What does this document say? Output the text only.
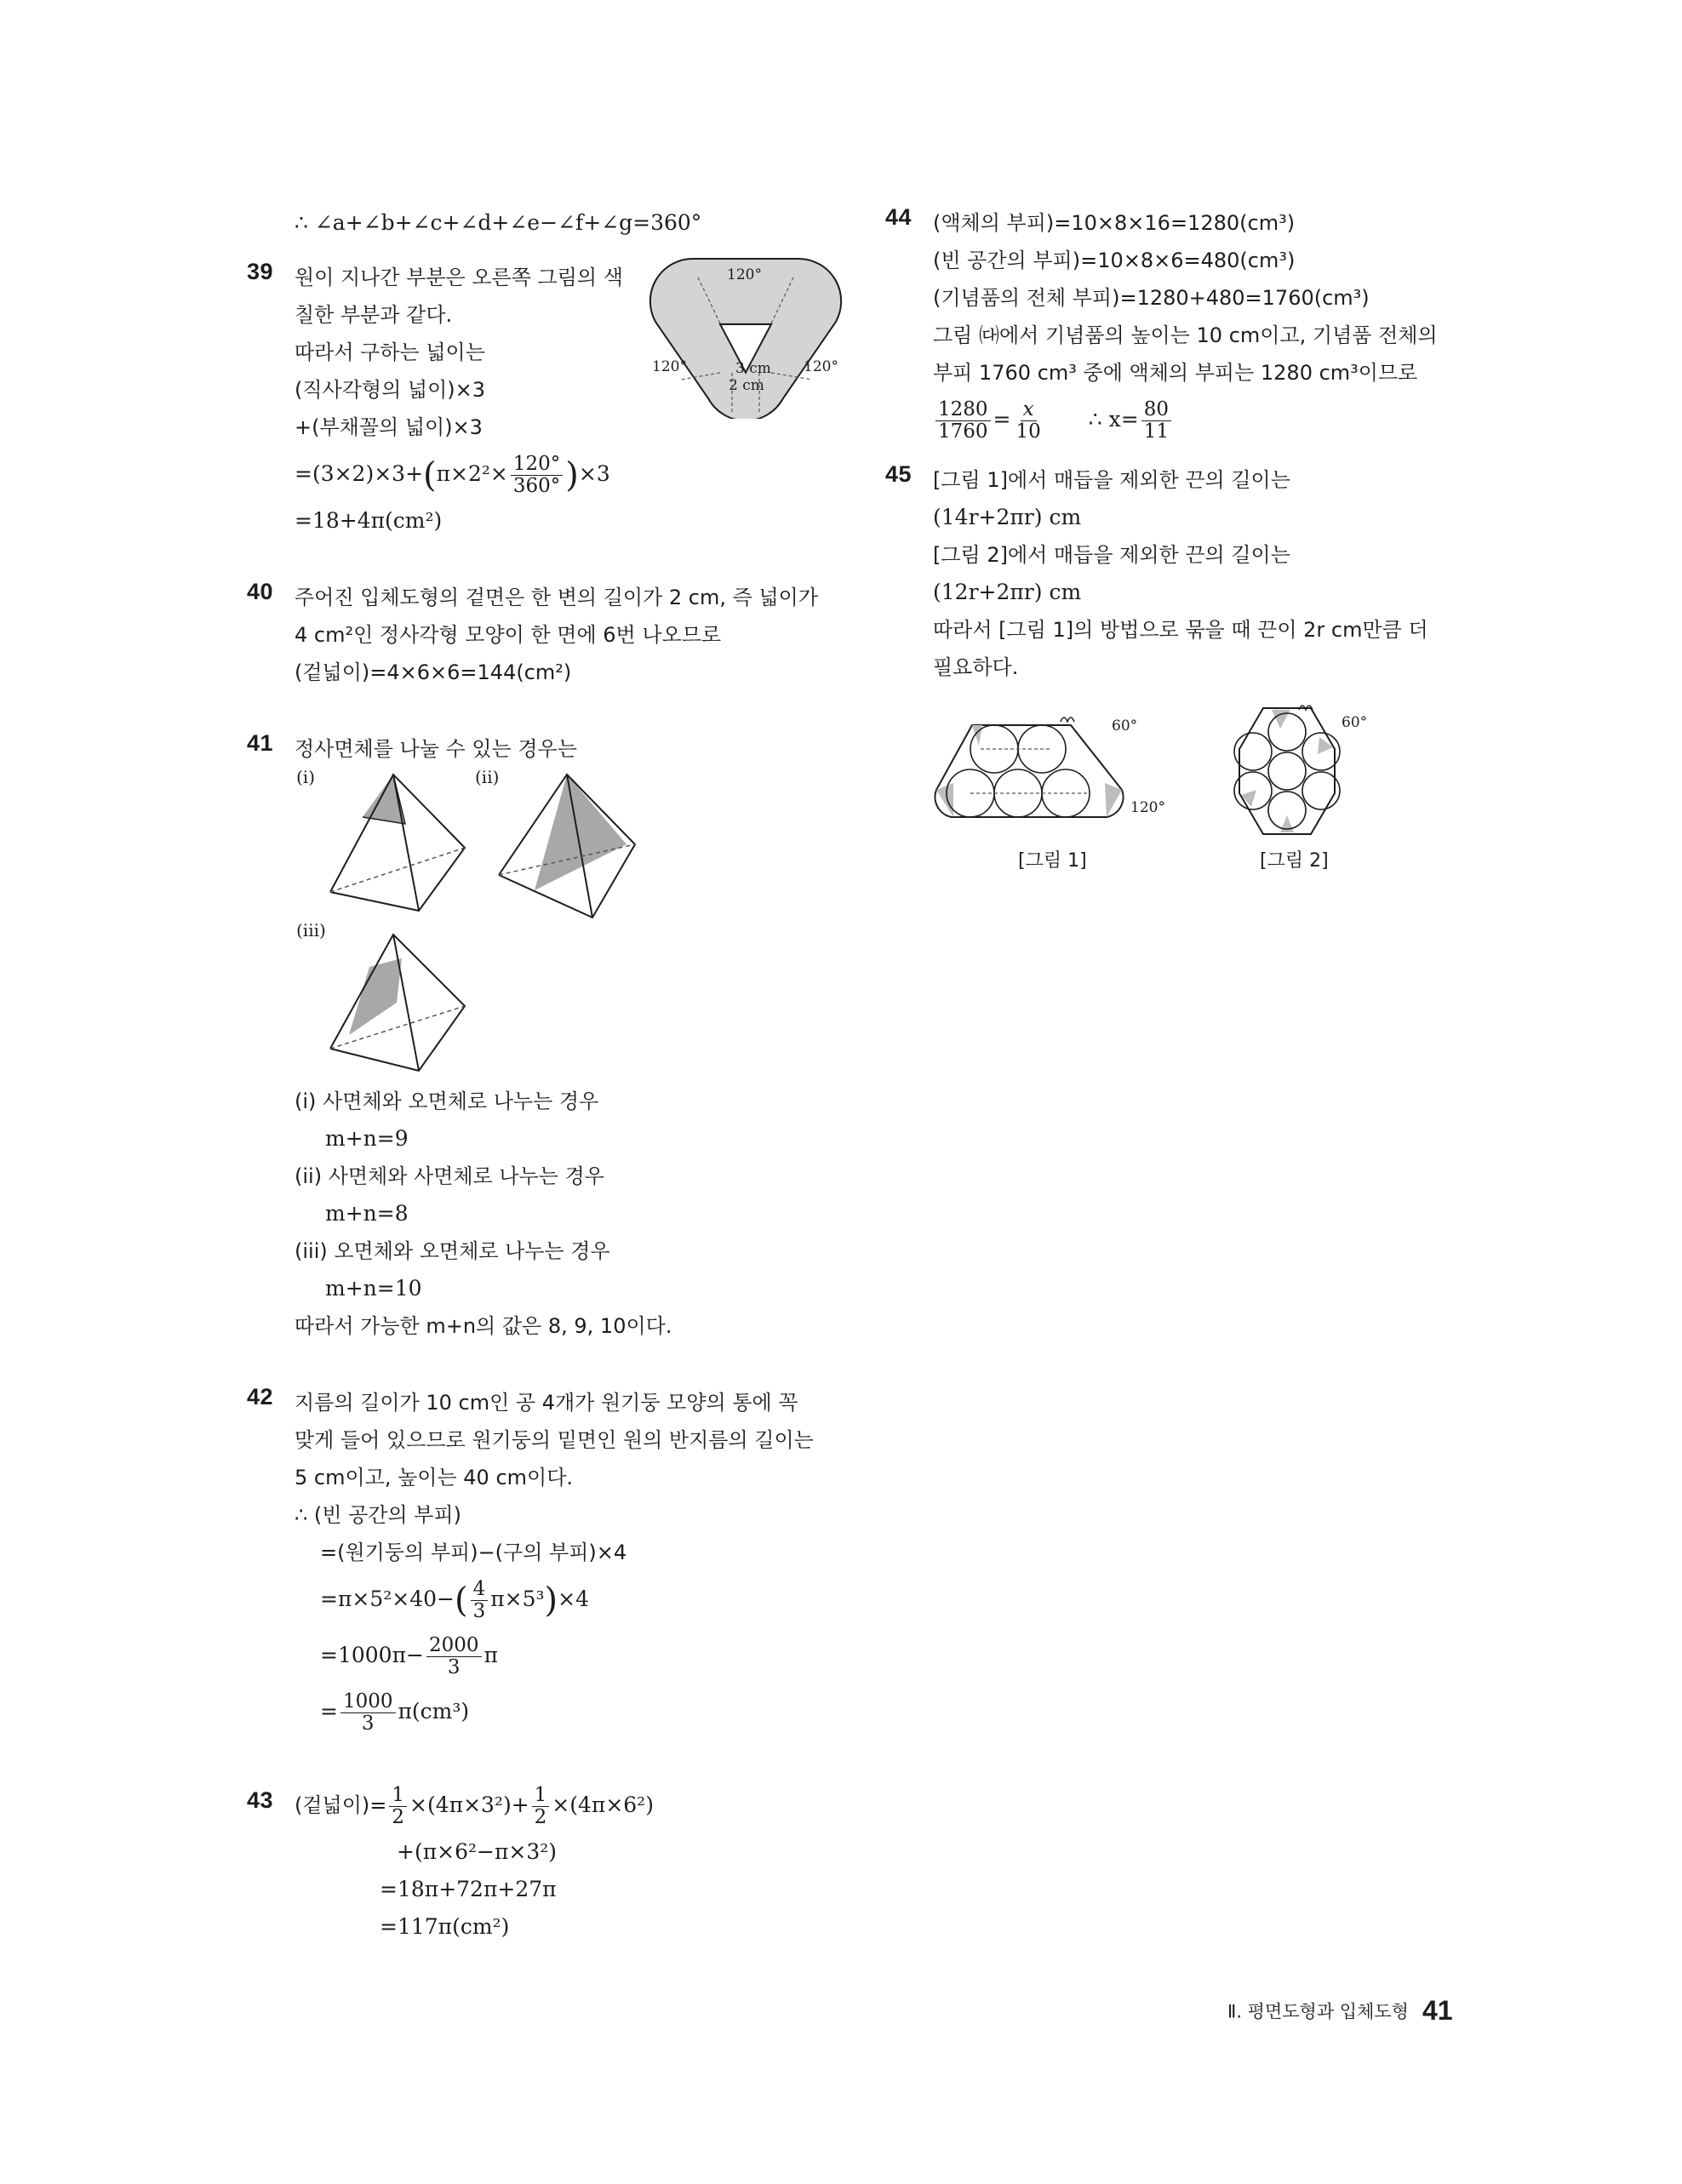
∴ ∠a+∠b+∠c+∠d+∠e−∠f+∠g=360°
39 원이 지나간 부분은 오른쪽 그림의 색
칠한 부분과 같다.
따라서 구하는 넓이는
(직사각형의 넓이)×3
+(부채꼴의 넓이)×3
$=(3\times 2)\times 3+(\pi\times 2^2\times \frac{120^\circ}{360^\circ} )\times 3$
=18+4π(cm²)
120°
120°	120°
3 cm
2 cm
40 주어진 입체도형의 겉면은 한 변의 길이가 2 cm, 즉 넓이가
4 cm²인 정사각형 모양이 한 면에 6번 나오므로
(겉넓이)=4×6×6=144(cm²)
41 정사면체를 나눌 수 있는 경우는
(i)	(ii)
(iii)
(i) 사면체와 오면체로 나누는 경우
m+n=9
(ii) 사면체와 사면체로 나누는 경우
m+n=8
(iii) 오면체와 오면체로 나누는 경우
m+n=10
따라서 가능한 m+n의 값은 8, 9, 10이다.
42 지름의 길이가 10 cm인 공 4개가 원기둥 모양의 통에 꼭
맞게 들어 있으므로 원기둥의 밑면인 원의 반지름의 길이는
5 cm이고, 높이는 40 cm이다.
∴ (빈 공간의 부피)
=(원기둥의 부피)−(구의 부피)×4
$=\pi\times 5^2\times 40-( \frac{4}{3} \pi\times 5^3)\times 4$
$=1000\pi- \frac{2000}{3}$ π
= $\frac{1000}{3} \pi(cm^3)$
43 (겉넓이)= $\frac{1}{2} \times(4\pi\times 3^2)+ \frac{1}{2} \times(4\pi\times 6^2)$
+(π×6²−π×3²)
=18π+72π+27π
=117π(cm²)
44 (액체의 부피)=10×8×16=1280(cm³)
(빈 공간의 부피)=10×8×6=480(cm³)
(기념품의 전체 부피)=1280+480=1760(cm³)
그림 ㈐에서 기념품의 높이는 10 cm이고, 기념품 전체의
부피 1760 cm³ 중에 액체의 부피는 1280 cm³이므로
$\frac{1280}{1760} = \frac{x}{10}$ ∴ $x= \frac{80}{11}$
45 [그림 1]에서 매듭을 제외한 끈의 길이는
(14r+2πr) cm
[그림 2]에서 매듭을 제외한 끈의 길이는
(12r+2πr) cm
따라서 [그림 1]의 방법으로 묶을 때 끈이 2r cm만큼 더
필요하다.
60°
120°
60°
[그림 1]	[그림 2]
Ⅱ. 평면도형과 입체도형 41
